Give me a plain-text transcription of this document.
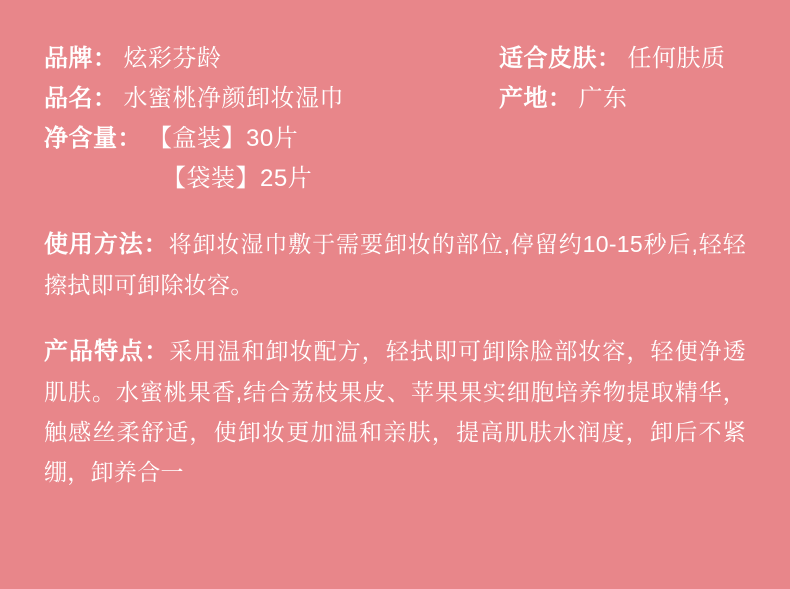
品牌： 炫彩芬龄	适合皮肤： 任何肤质
品名： 水蜜桃净颜卸妆湿巾	产地： 广东
净含量： 【盒装】30片
【袋装】25片

使用方法：将卸妆湿巾敷于需要卸妆的部位,停留约10-15秒后,轻轻擦拭即可卸除妆容。

产品特点：采用温和卸妆配方，轻拭即可卸除脸部妆容，轻便净透肌肤。水蜜桃果香,结合荔枝果皮、苹果果实细胞培养物提取精华，触感丝柔舒适，使卸妆更加温和亲肤，提高肌肤水润度，卸后不紧绷，卸养合一
